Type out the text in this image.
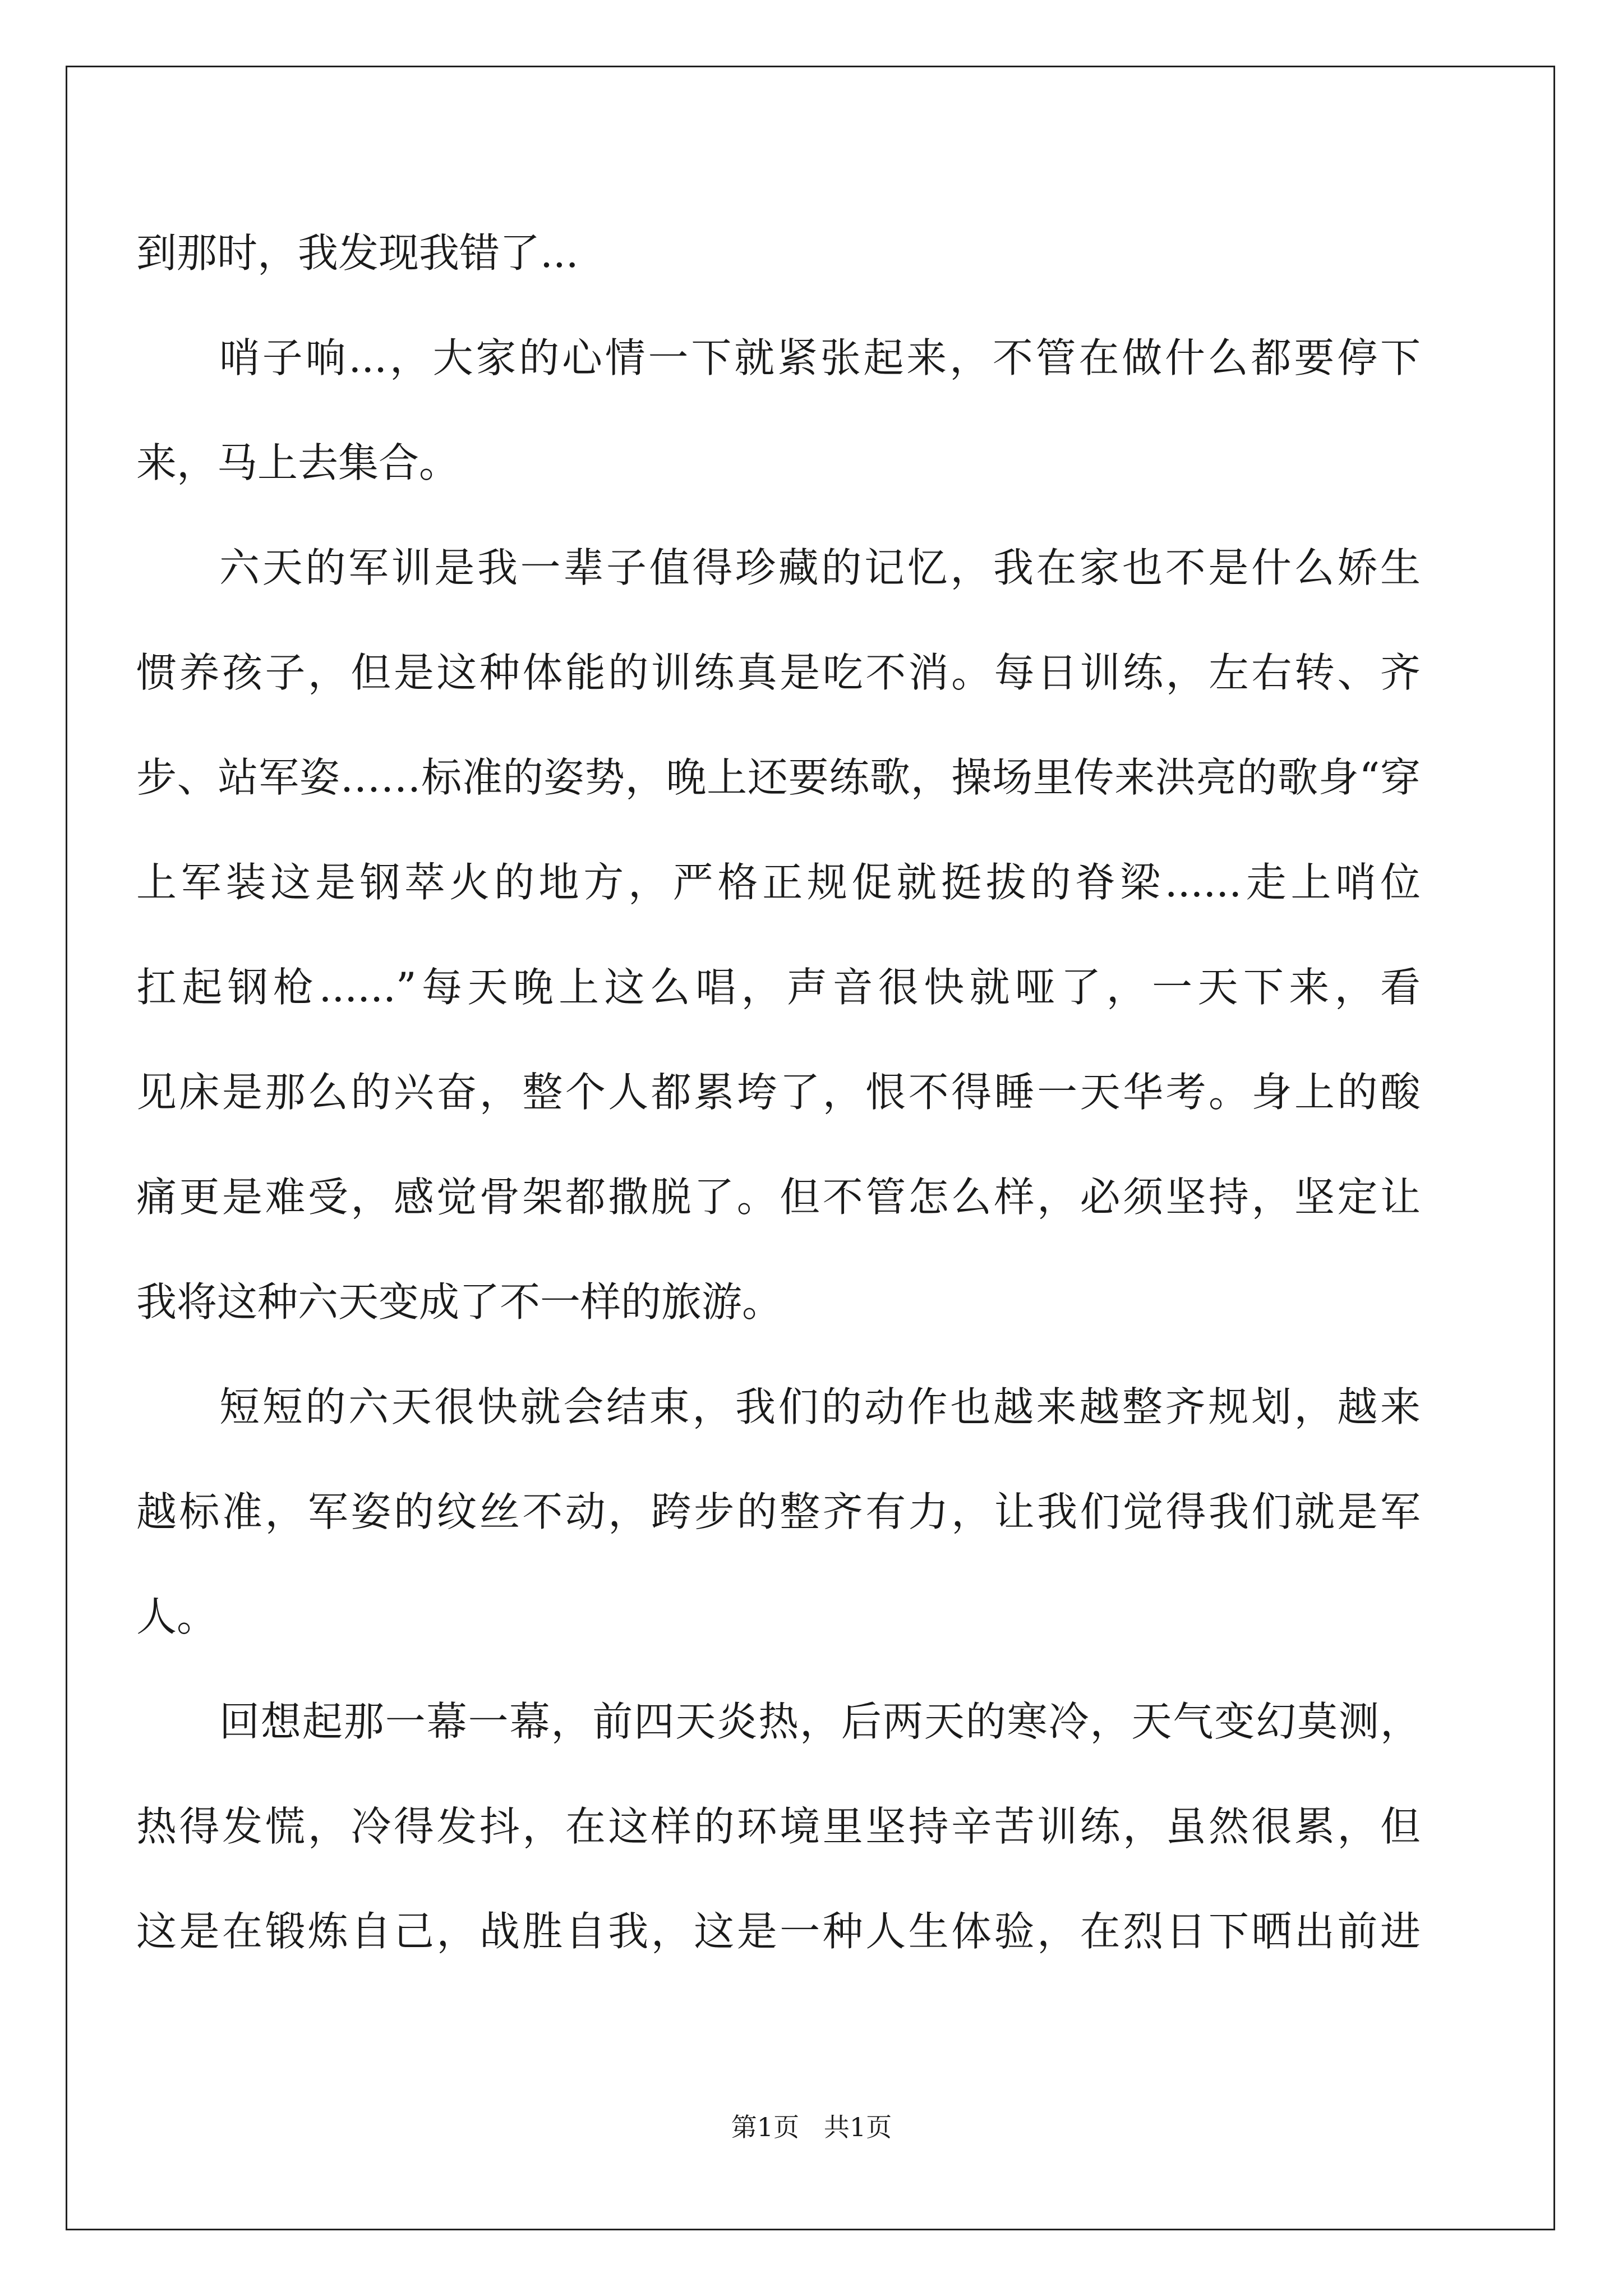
到那时，我发现我错了...
哨子响...，大家的心情一下就紧张起来，不管在做什么都要停下
来，马上去集合。
六天的军训是我一辈子值得珍藏的记忆，我在家也不是什么娇生
惯养孩子，但是这种体能的训练真是吃不消。每日训练，左右转、齐
步、站军姿……标准的姿势，晚上还要练歌，操场里传来洪亮的歌身“穿
上军装这是钢萃火的地方，严格正规促就挺拔的脊梁......走上哨位
扛起钢枪......”每天晚上这么唱，声音很快就哑了，一天下来，看
见床是那么的兴奋，整个人都累垮了，恨不得睡一天华考。身上的酸
痛更是难受，感觉骨架都撒脱了。但不管怎么样，必须坚持，坚定让
我将这种六天变成了不一样的旅游。
短短的六天很快就会结束，我们的动作也越来越整齐规划，越来
越标准，军姿的纹丝不动，跨步的整齐有力，让我们觉得我们就是军
人。
回想起那一幕一幕，前四天炎热，后两天的寒冷，天气变幻莫测，
热得发慌，冷得发抖，在这样的环境里坚持辛苦训练，虽然很累，但
这是在锻炼自己，战胜自我，这是一种人生体验，在烈日下晒出前进
第1页   共1页
